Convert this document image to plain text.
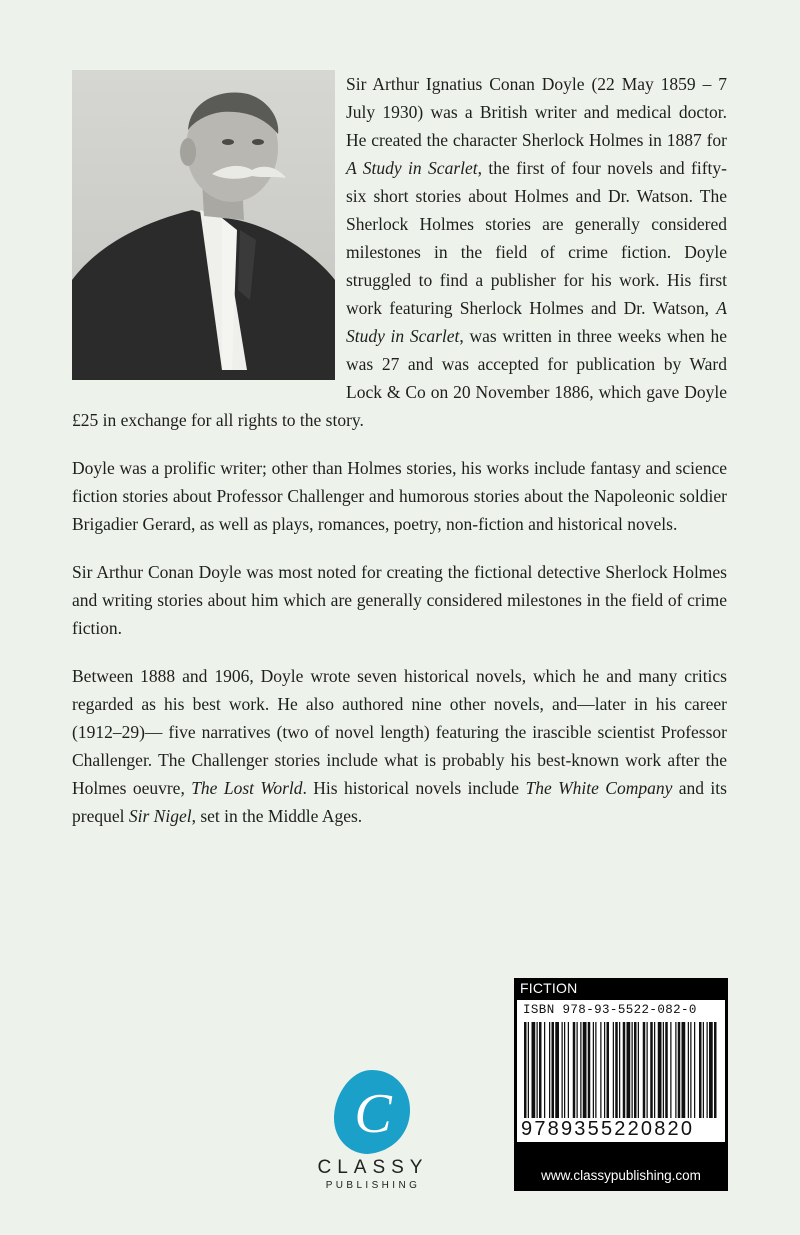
Sir Arthur Ignatius Conan Doyle (22 May 1859 – 7 July 1930) was a British writer and medical doctor. He created the character Sherlock Holmes in 1887 for A Study in Scarlet, the first of four novels and fifty-six short stories about Holmes and Dr. Watson. The Sherlock Holmes stories are generally considered milestones in the field of crime fiction. Doyle struggled to find a publisher for his work. His first work featuring Sherlock Holmes and Dr. Watson, A Study in Scarlet, was written in three weeks when he was 27 and was accepted for publication by Ward Lock & Co on 20 November 1886, which gave Doyle £25 in exchange for all rights to the story.

Doyle was a prolific writer; other than Holmes stories, his works include fantasy and science fiction stories about Professor Challenger and humorous stories about the Napoleonic soldier Brigadier Gerard, as well as plays, romances, poetry, non-fiction and historical novels.

Sir Arthur Conan Doyle was most noted for creating the fictional detective Sherlock Holmes and writing stories about him which are generally considered milestones in the field of crime fiction.

Between 1888 and 1906, Doyle wrote seven historical novels, which he and many critics regarded as his best work. He also authored nine other novels, and—later in his career (1912–29)— five narratives (two of novel length) featuring the irascible scientist Professor Challenger. The Challenger stories include what is probably his best-known work after the Holmes oeuvre, The Lost World. His historical novels include The White Company and its prequel Sir Nigel, set in the Middle Ages.

C
CLASSY
PUBLISHING
FICTION
ISBN 978-93-5522-082-0
9789355220820
www.classypublishing.com
